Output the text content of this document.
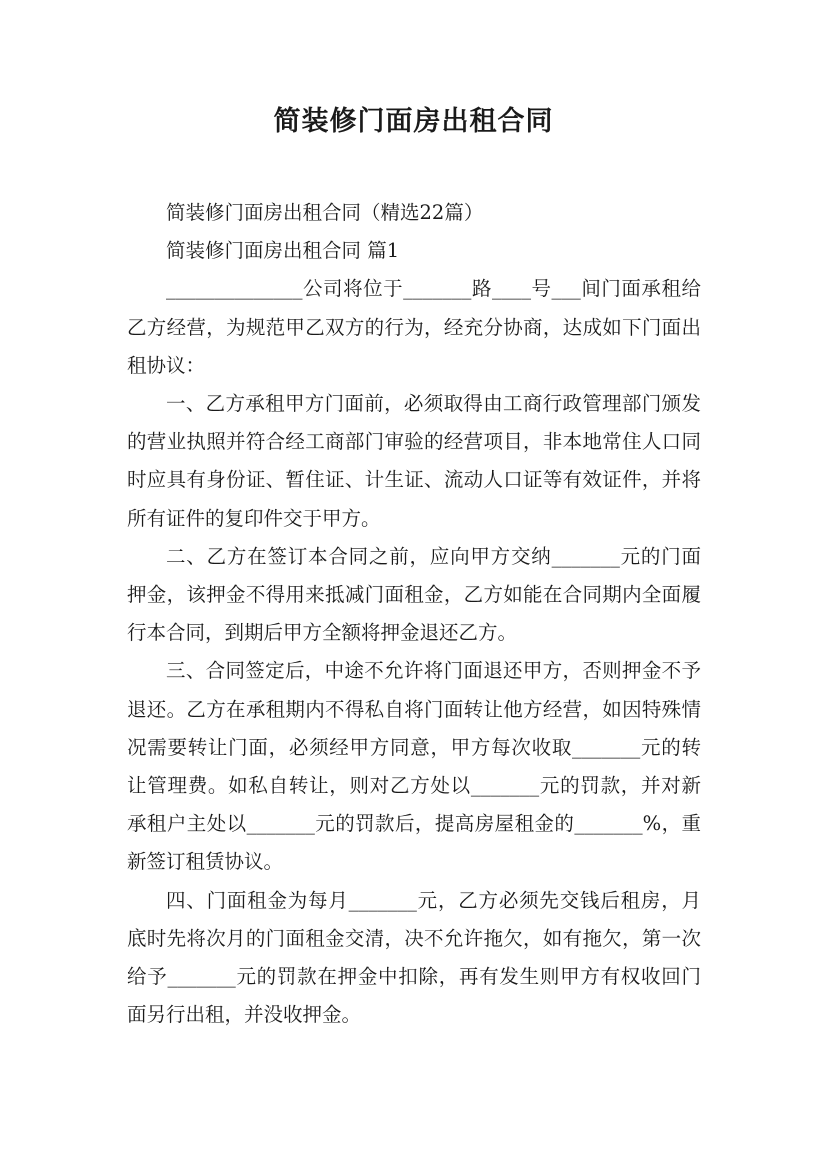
简装修门面房出租合同

简装修门面房出租合同（精选22篇）

简装修门面房出租合同 篇1

______________公司将位于_______路____号___间门面承租给乙方经营，为规范甲乙双方的行为，经充分协商，达成如下门面出租协议：

一、乙方承租甲方门面前，必须取得由工商行政管理部门颁发的营业执照并符合经工商部门审验的经营项目，非本地常住人口同时应具有身份证、暂住证、计生证、流动人口证等有效证件，并将所有证件的复印件交于甲方。

二、乙方在签订本合同之前，应向甲方交纳_______元的门面押金，该押金不得用来抵减门面租金，乙方如能在合同期内全面履行本合同，到期后甲方全额将押金退还乙方。

三、合同签定后，中途不允许将门面退还甲方，否则押金不予退还。乙方在承租期内不得私自将门面转让他方经营，如因特殊情况需要转让门面，必须经甲方同意，甲方每次收取_______元的转让管理费。如私自转让，则对乙方处以_______元的罚款，并对新承租户主处以_______元的罚款后，提高房屋租金的_______%，重新签订租赁协议。

四、门面租金为每月_______元，乙方必须先交钱后租房，月底时先将次月的门面租金交清，决不允许拖欠，如有拖欠，第一次给予_______元的罚款在押金中扣除，再有发生则甲方有权收回门面另行出租，并没收押金。
